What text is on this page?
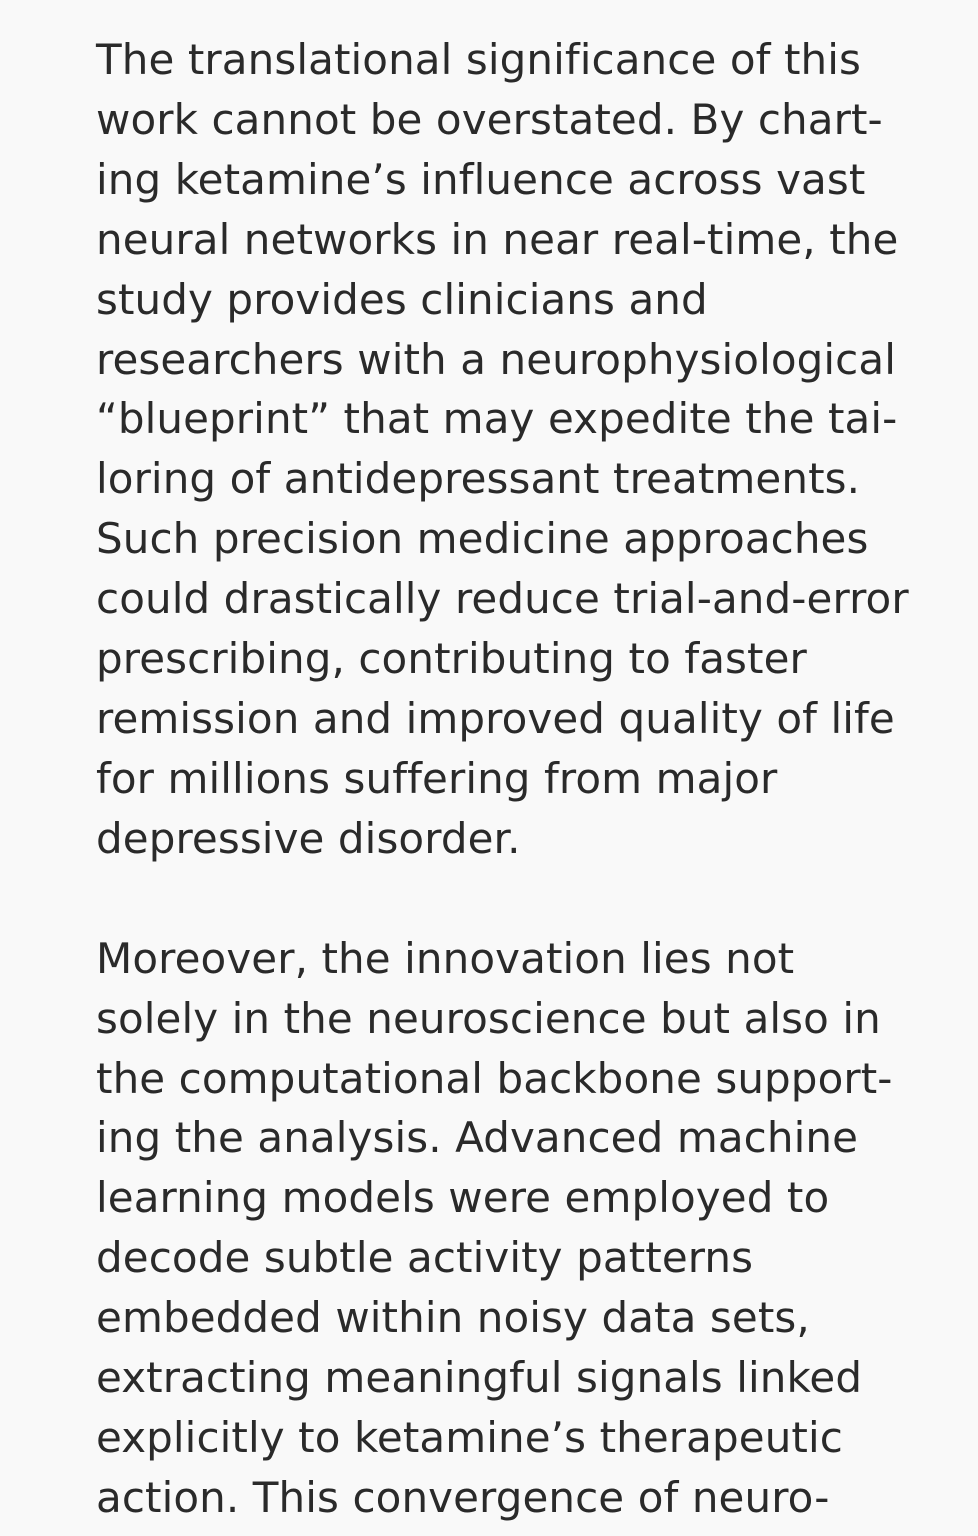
The translational significance of this
work cannot be overstated. By chart-
ing ketamine’s influence across vast
neural networks in near real-time, the
study provides clinicians and
researchers with a neurophysiological
“blueprint” that may expedite the tai-
loring of antidepressant treatments.
Such precision medicine approaches
could drastically reduce trial-and-error
prescribing, contributing to faster
remission and improved quality of life
for millions suffering from major
depressive disorder.

Moreover, the innovation lies not
solely in the neuroscience but also in
the computational backbone support-
ing the analysis. Advanced machine
learning models were employed to
decode subtle activity patterns
embedded within noisy data sets,
extracting meaningful signals linked
explicitly to ketamine’s therapeutic
action. This convergence of neuro-
